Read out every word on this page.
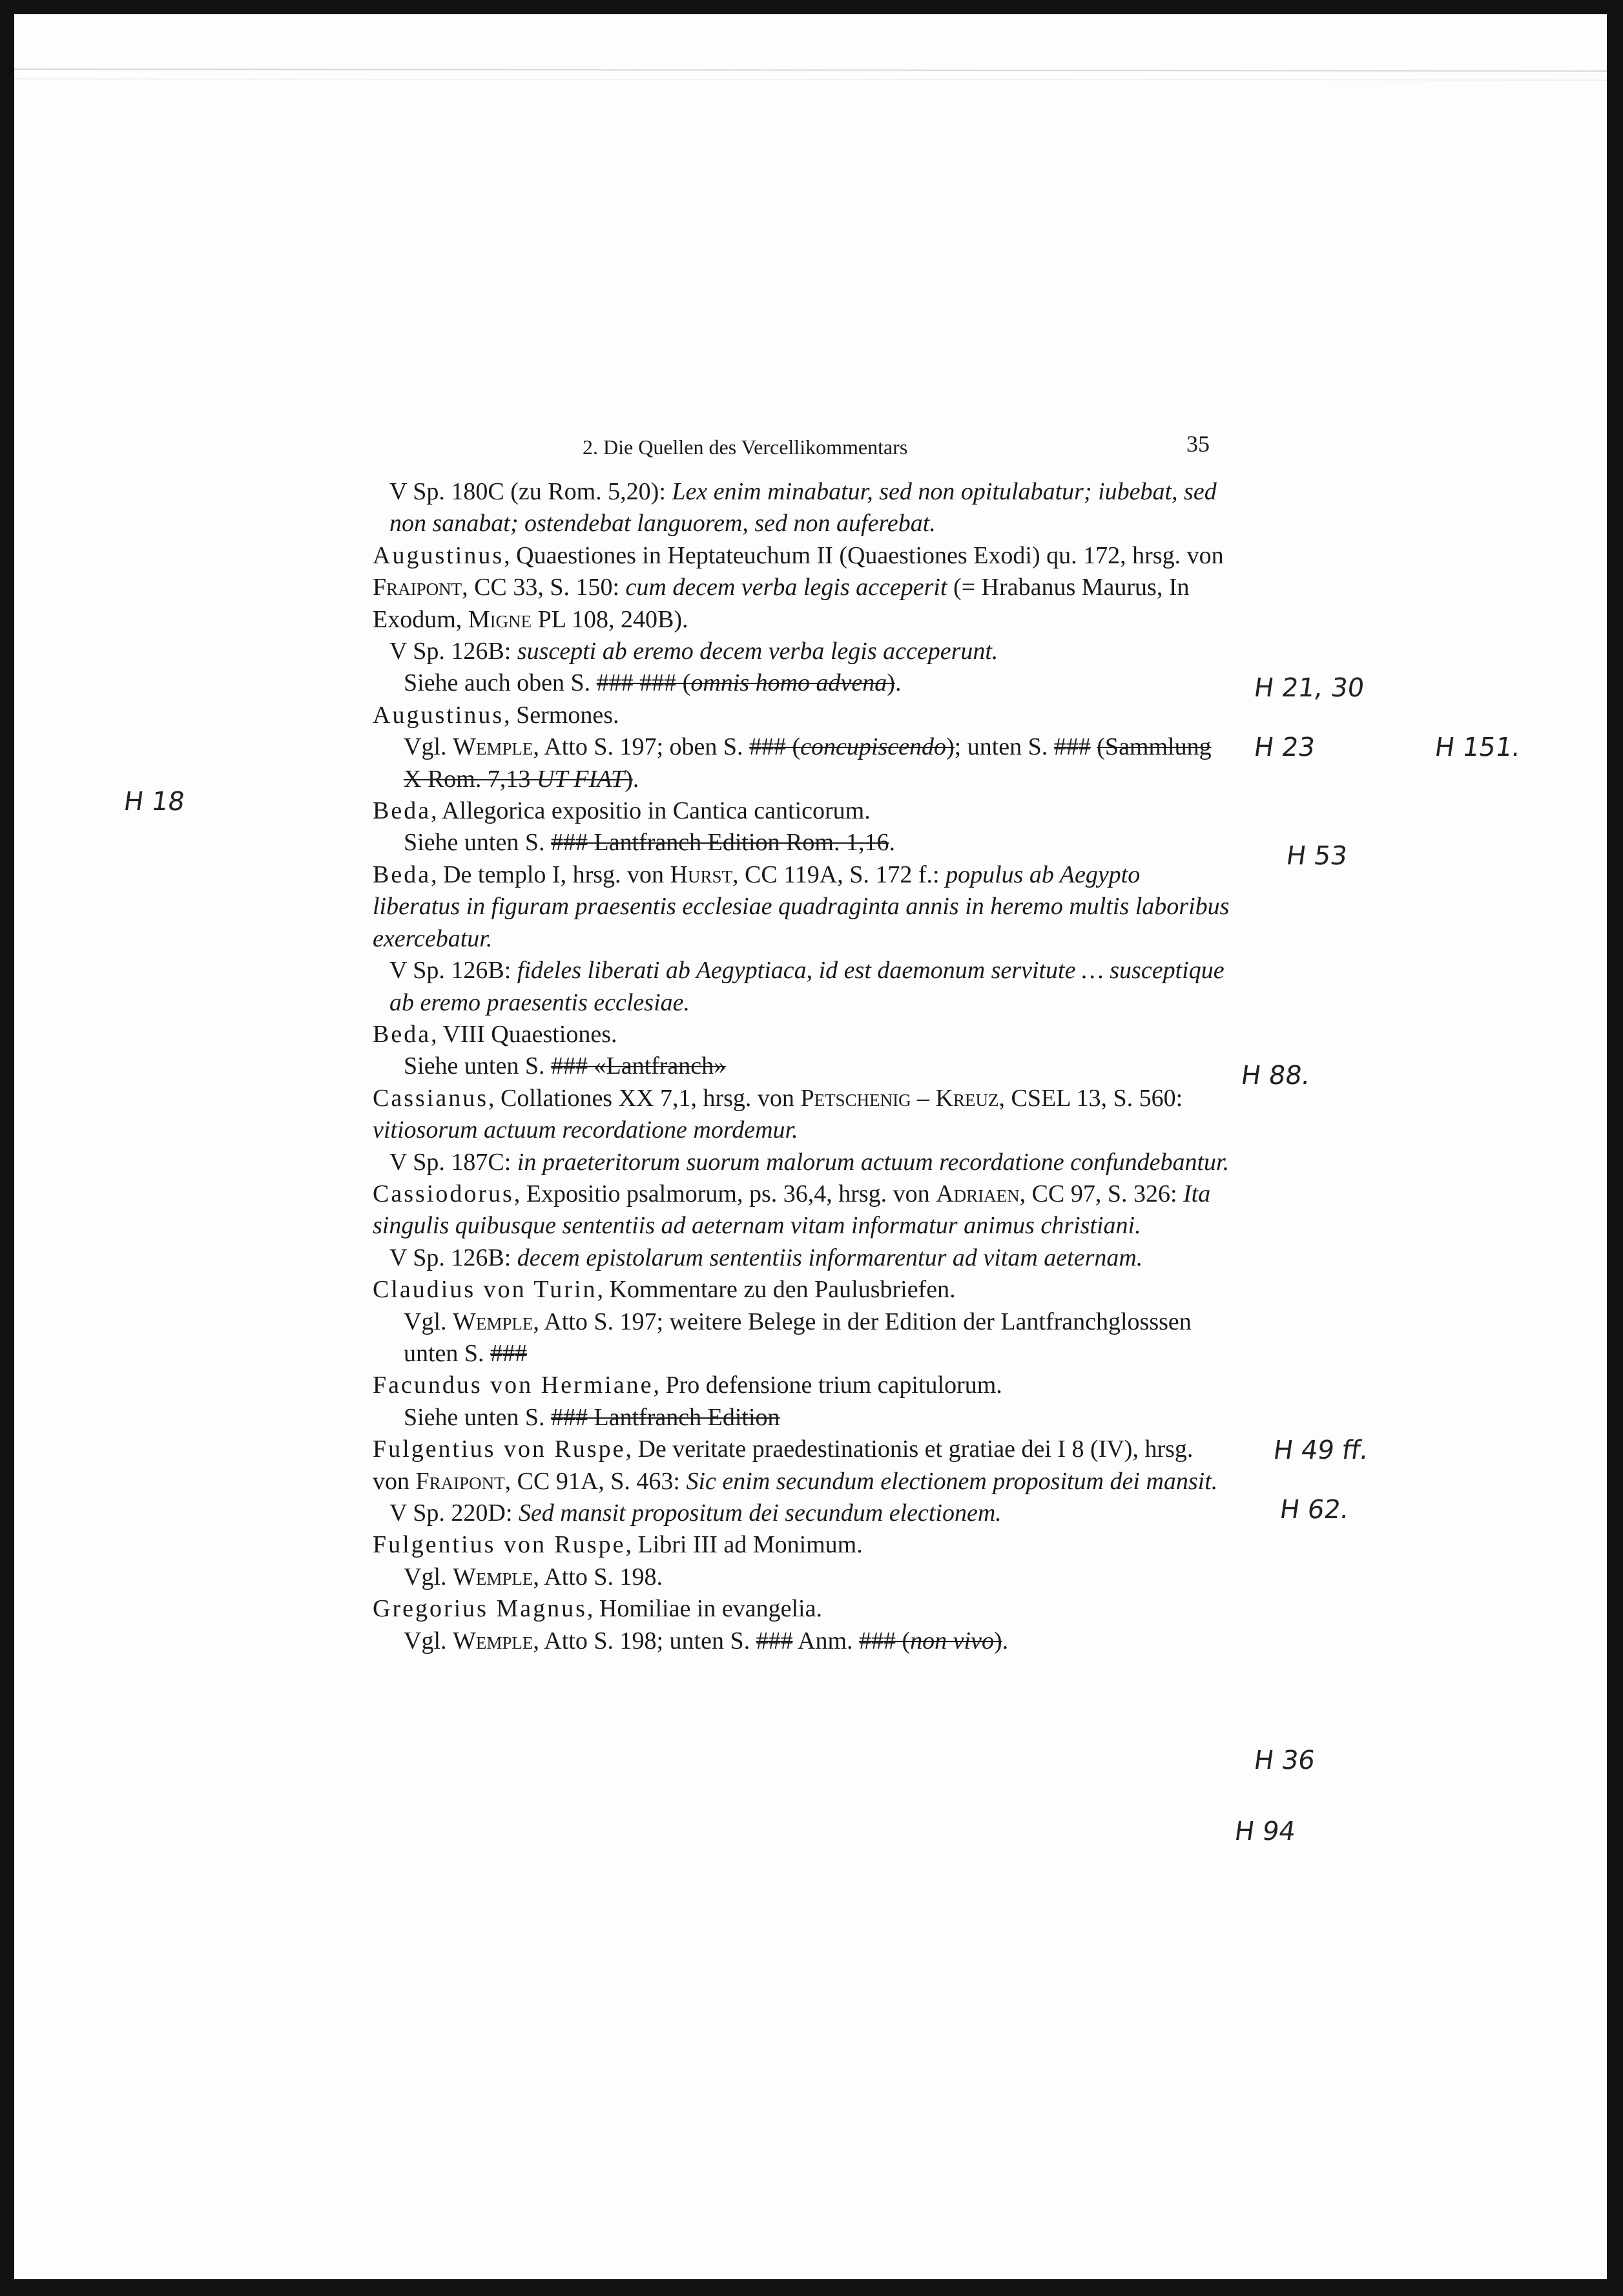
2. Die Quellen des Vercellikommentars	35

V Sp. 180C (zu Rom. 5,20): Lex enim minabatur, sed non opitulabatur; iubebat, sed non sanabat; ostendebat languorem, sed non auferebat.

Augustinus, Quaestiones in Heptateuchum II (Quaestiones Exodi) qu. 172, hrsg. von Fraipont, CC 33, S. 150: cum decem verba legis acceperit (= Hrabanus Maurus, In Exodum, Migne PL 108, 240B).

V Sp. 126B: suscepti ab eremo decem verba legis acceperunt.

Siehe auch oben S. ### ### (omnis homo advena).

Augustinus, Sermones.

Vgl. Wemple, Atto S. 197; oben S. ### (concupiscendo); unten S. ### (Sammlung X Rom. 7,13 UT FIAT).

Beda, Allegorica expositio in Cantica canticorum.

Siehe unten S. ### Lantfranch Edition Rom. 1,16.

Beda, De templo I, hrsg. von Hurst, CC 119A, S. 172 f.: populus ab Aegypto liberatus in figuram praesentis ecclesiae quadraginta annis in heremo multis laboribus exercebatur.

V Sp. 126B: fideles liberati ab Aegyptiaca, id est daemonum servitute … susceptique ab eremo praesentis ecclesiae.

Beda, VIII Quaestiones.

Siehe unten S. ### «Lantfranch»

Cassianus, Collationes XX 7,1, hrsg. von Petschenig – Kreuz, CSEL 13, S. 560: vitiosorum actuum recordatione mordemur.

V Sp. 187C: in praeteritorum suorum malorum actuum recordatione confundebantur.

Cassiodorus, Expositio psalmorum, ps. 36,4, hrsg. von Adriaen, CC 97, S. 326: Ita singulis quibusque sententiis ad aeternam vitam informatur animus christiani.

V Sp. 126B: decem epistolarum sententiis informarentur ad vitam aeternam.

Claudius von Turin, Kommentare zu den Paulusbriefen.

Vgl. Wemple, Atto S. 197; weitere Belege in der Edition der Lantfranchglosssen unten S. ###

Facundus von Hermiane, Pro defensione trium capitulorum.

Siehe unten S. ### Lantfranch Edition

Fulgentius von Ruspe, De veritate praedestinationis et gratiae dei I 8 (IV), hrsg. von Fraipont, CC 91A, S. 463: Sic enim secundum electionem propositum dei mansit.

V Sp. 220D: Sed mansit propositum dei secundum electionem.

Fulgentius von Ruspe, Libri III ad Monimum.

Vgl. Wemple, Atto S. 198.

Gregorius Magnus, Homiliae in evangelia.

Vgl. Wemple, Atto S. 198; unten S. ### Anm. ### (non vivo).

H 21, 30
H 23	H 151.
H 18
H 53
H 88.
H 49 ff.
H 62.
H 36
H 94
